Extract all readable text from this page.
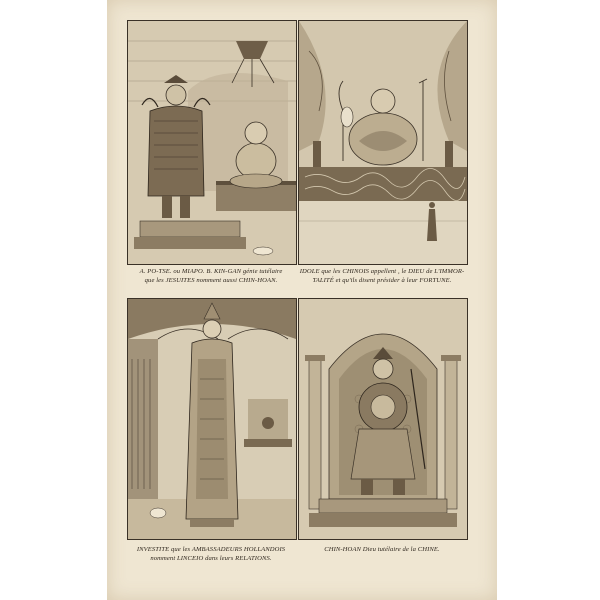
A. PO-TSE. ou MIAPO. B. KIN-GAN génie tutélaire
que les JESUITES nomment aussi CHIN-HOAN.
IDOLE que les CHINOIS appellent , le DIEU de L'IMMOR-
TALITÉ et qu'ils disent présider à leur FORTUNE.
INVESTITE que les AMBASSADEURS HOLLANDOIS
nomment LINCEIO dans leurs RELATIONS.
CHIN-HOAN Dieu tutélaire de la CHINE.
